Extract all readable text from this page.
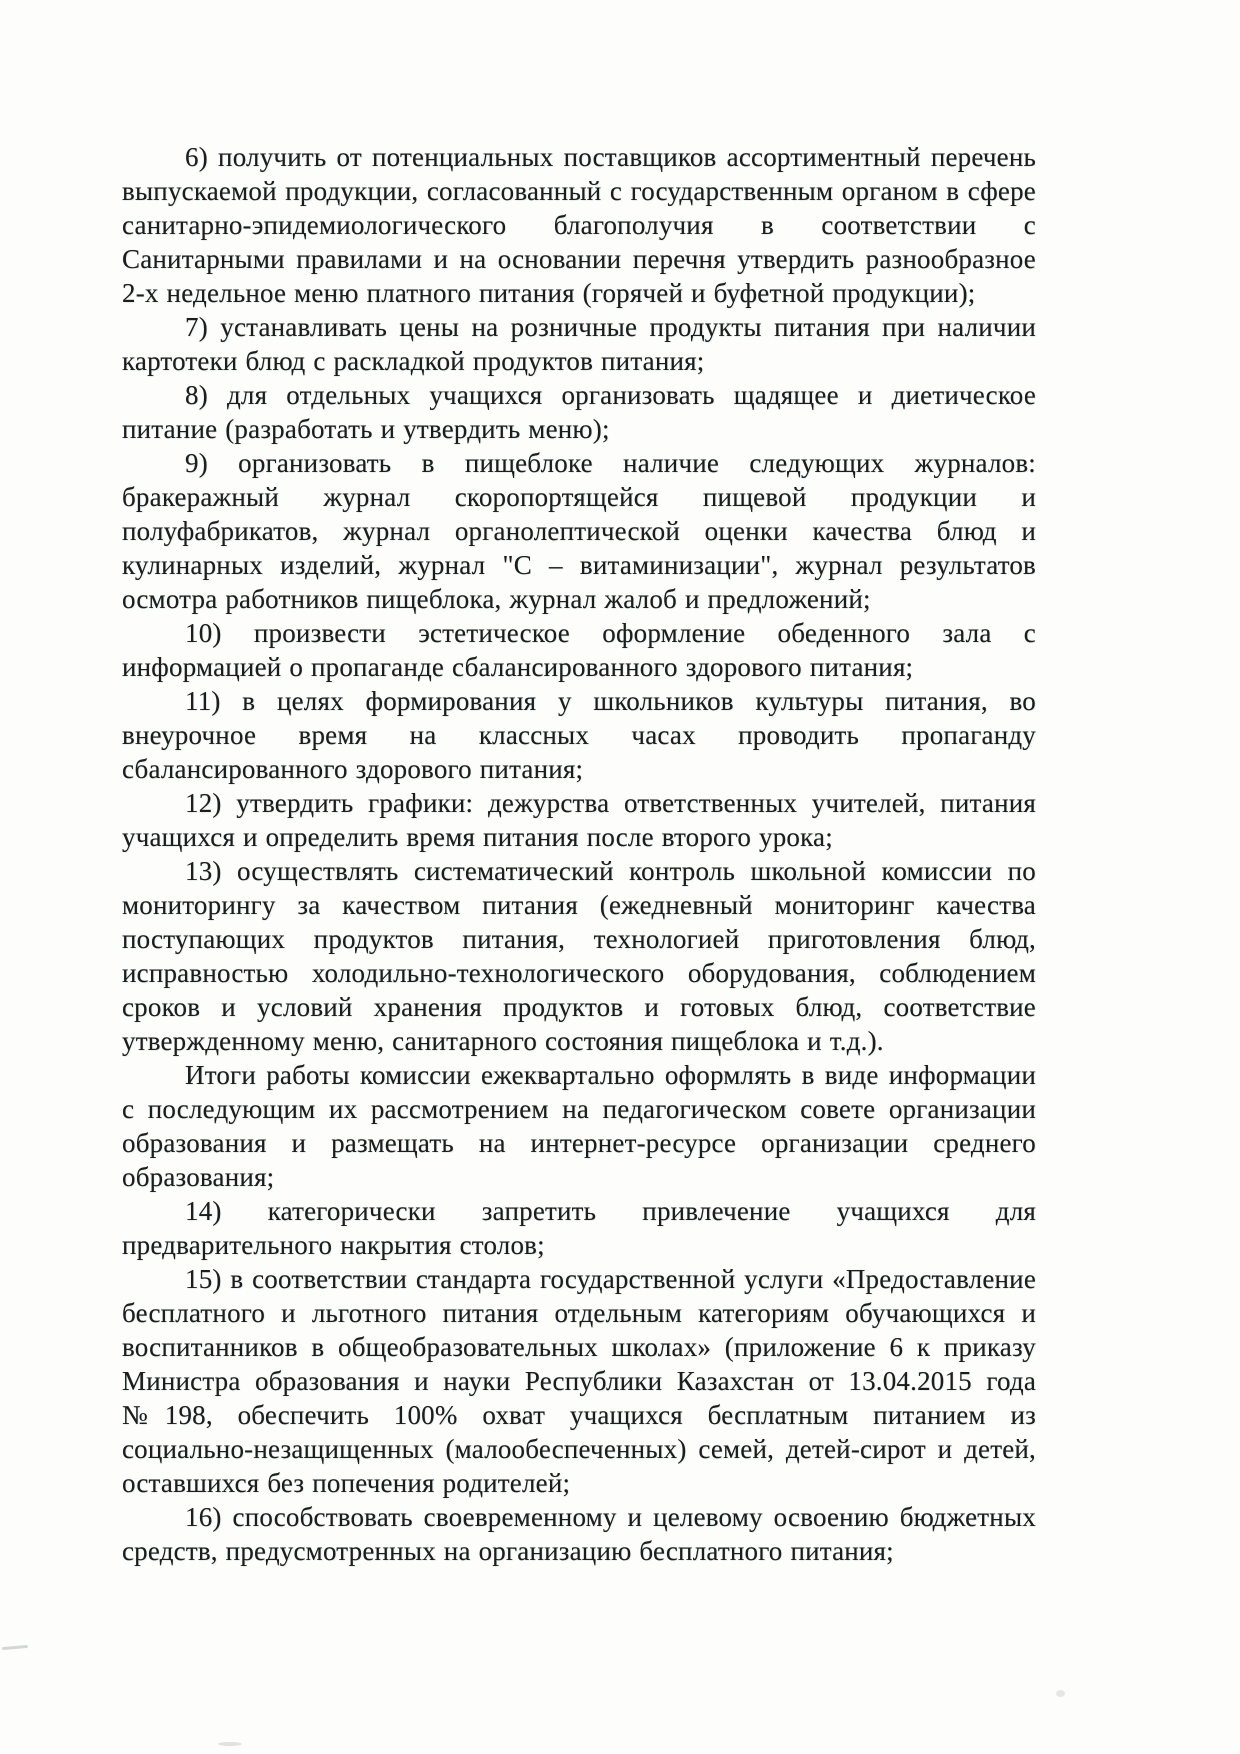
6) получить от потенциальных поставщиков ассортиментный перечень выпускаемой продукции, согласованный с государственным органом в сфере санитарно-эпидемиологического благополучия в соответствии с Санитарными правилами и на основании перечня утвердить разнообразное 2-х недельное меню платного питания (горячей и буфетной продукции);

7) устанавливать цены на розничные продукты питания при наличии картотеки блюд с раскладкой продуктов питания;

8) для отдельных учащихся организовать щадящее и диетическое питание (разработать и утвердить меню);

9) организовать в пищеблоке наличие следующих журналов: бракеражный журнал скоропортящейся пищевой продукции и полуфабрикатов, журнал органолептической оценки качества блюд и кулинарных изделий, журнал "С – витаминизации", журнал результатов осмотра работников пищеблока, журнал жалоб и предложений;

10) произвести эстетическое оформление обеденного зала с информацией о пропаганде сбалансированного здорового питания;

11) в целях формирования у школьников культуры питания, во внеурочное время на классных часах проводить пропаганду сбалансированного здорового питания;

12) утвердить графики: дежурства ответственных учителей, питания учащихся и определить время питания после второго урока;

13) осуществлять систематический контроль школьной комиссии по мониторингу за качеством питания (ежедневный мониторинг качества поступающих продуктов питания, технологией приготовления блюд, исправностью холодильно-технологического оборудования, соблюдением сроков и условий хранения продуктов и готовых блюд, соответствие утвержденному меню, санитарного состояния пищеблока и т.д.).

Итоги работы комиссии ежеквартально оформлять в виде информации с последующим их рассмотрением на педагогическом совете организации образования и размещать на интернет-ресурсе организации среднего образования;

14) категорически запретить привлечение учащихся для предварительного накрытия столов;

15) в соответствии стандарта государственной услуги «Предоставление бесплатного и льготного питания отдельным категориям обучающихся и воспитанников в общеобразовательных школах» (приложение 6 к приказу Министра образования и науки Республики Казахстан от 13.04.2015 года №198, обеспечить 100% охват учащихся бесплатным питанием из социально-незащищенных (малообеспеченных) семей, детей-сирот и детей, оставшихся без попечения родителей;

16) способствовать своевременному и целевому освоению бюджетных средств, предусмотренных на организацию бесплатного питания;
